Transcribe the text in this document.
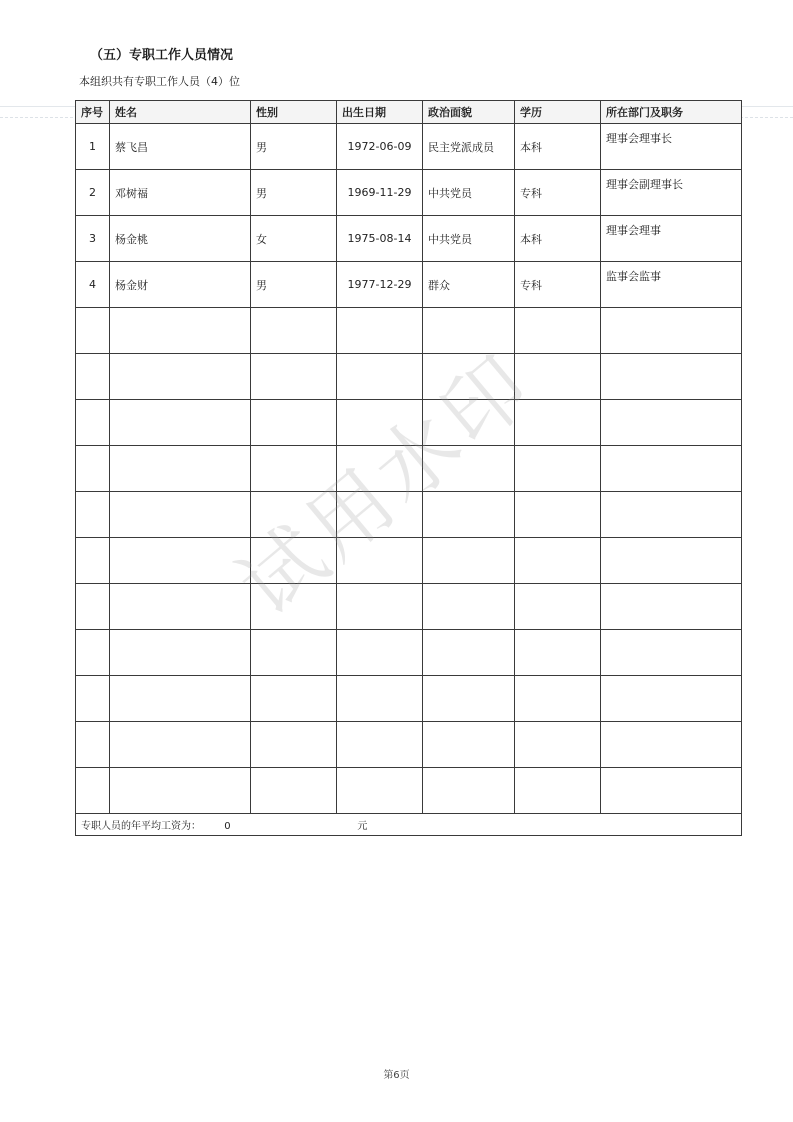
（五）专职工作人员情况
本组织共有专职工作人员（4）位
序号	姓名	性别	出生日期	政治面貌	学历	所在部门及职务
1	蔡飞昌	男	1972-06-09	民主党派成员	本科	理事会理事长
2	邓树福	男	1969-11-29	中共党员	专科	理事会副理事长
3	杨金桃	女	1975-08-14	中共党员	本科	理事会理事
4	杨金财	男	1977-12-29	群众	专科	监事会监事

专职人员的年平均工资为： 0 元						
试用水印
第6页
